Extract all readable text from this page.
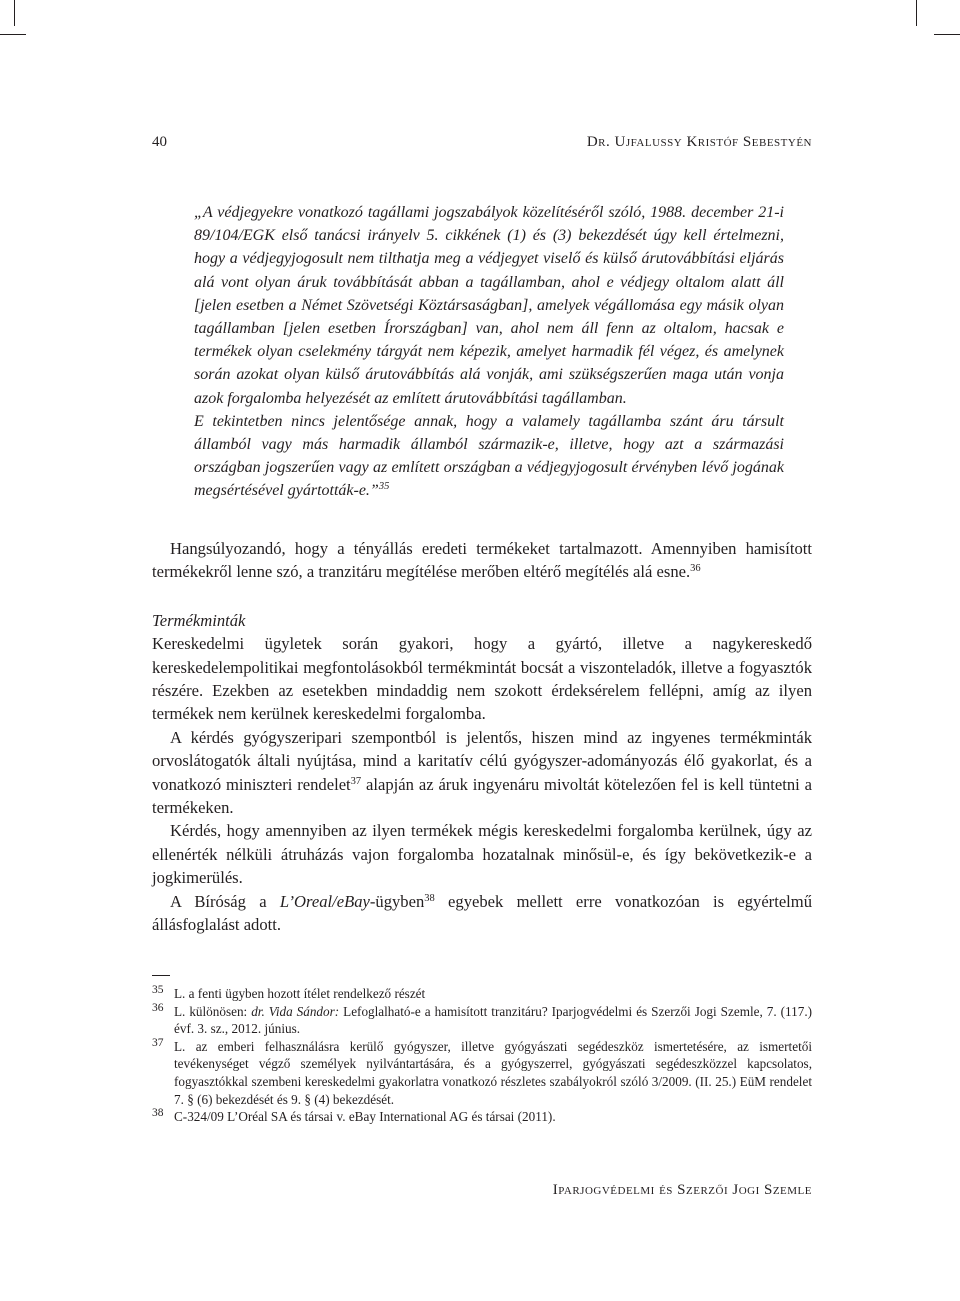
40	Dr. Ujfalussy Kristóf Sebestyén

„A védjegyekre vonatkozó tagállami jogszabályok közelítéséről szóló, 1988. december 21-i 89/104/EGK első tanácsi irányelv 5. cikkének (1) és (3) bekezdését úgy kell értelmezni, hogy a védjegyjogosult nem tilthatja meg a védjegyet viselő és külső árutovábbítási eljárás alá vont olyan áruk továbbítását abban a tagállamban, ahol e védjegy oltalom alatt áll [jelen esetben a Német Szövetségi Köztársaságban], amelyek végállomása egy másik olyan tagállamban [jelen esetben Írországban] van, ahol nem áll fenn az oltalom, hacsak e termékek olyan cselekmény tárgyát nem képezik, amelyet harmadik fél végez, és amelynek során azokat olyan külső árutovábbítás alá vonják, ami szükségszerűen maga után vonja azok forgalomba helyezését az említett árutovábbítási tagállamban.

E tekintetben nincs jelentősége annak, hogy a valamely tagállamba szánt áru társult államból vagy más harmadik államból származik-e, illetve, hogy azt a származási országban jogszerűen vagy az említett országban a védjegyjogosult érvényben lévő jogának megsértésével gyártották-e.”$^{35}$

Hangsúlyozandó, hogy a tényállás eredeti termékeket tartalmazott. Amennyiben hamisított termékekről lenne szó, a tranzitáru megítélése merőben eltérő megítélés alá esne.$^{36}$

Termékminták

Kereskedelmi ügyletek során gyakori, hogy a gyártó, illetve a nagykereskedő kereskedelempolitikai megfontolásokból termékmintát bocsát a viszonteladók, illetve a fogyasztók részére. Ezekben az esetekben mindaddig nem szokott érdeksérelem fellépni, amíg az ilyen termékek nem kerülnek kereskedelmi forgalomba.

A kérdés gyógyszeripari szempontból is jelentős, hiszen mind az ingyenes termékminták orvoslátogatók általi nyújtása, mind a karitatív célú gyógyszer-adományozás élő gyakorlat, és a vonatkozó miniszteri rendelet$^{37}$ alapján az áruk ingyenáru mivoltát kötelezően fel is kell tüntetni a termékeken.

Kérdés, hogy amennyiben az ilyen termékek mégis kereskedelmi forgalomba kerülnek, úgy az ellenérték nélküli átruházás vajon forgalomba hozatalnak minősül-e, és így bekövetkezik-e a jogkimerülés.

A Bíróság a L’Oreal/eBay-ügyben$^{38}$ egyebek mellett erre vonatkozóan is egyértelmű állásfoglalást adott.

35 L. a fenti ügyben hozott ítélet rendelkező részét

36 L. különösen: dr. Vida Sándor: Lefoglalható-e a hamisított tranzitáru? Iparjogvédelmi és Szerzői Jogi Szemle, 7. (117.) évf. 3. sz., 2012. június.

37 L. az emberi felhasználásra kerülő gyógyszer, illetve gyógyászati segédeszköz ismertetésére, az ismertetői tevékenységet végző személyek nyilvántartására, és a gyógyszerrel, gyógyászati segédeszközzel kapcsolatos, fogyasztókkal szembeni kereskedelmi gyakorlatra vonatkozó részletes szabályokról szóló 3/2009. (II. 25.) EüM rendelet 7. § (6) bekezdését és 9. § (4) bekezdését.

38 C-324/09 L’Oréal SA és társai v. eBay International AG és társai (2011).

Iparjogvédelmi és Szerzői Jogi Szemle
